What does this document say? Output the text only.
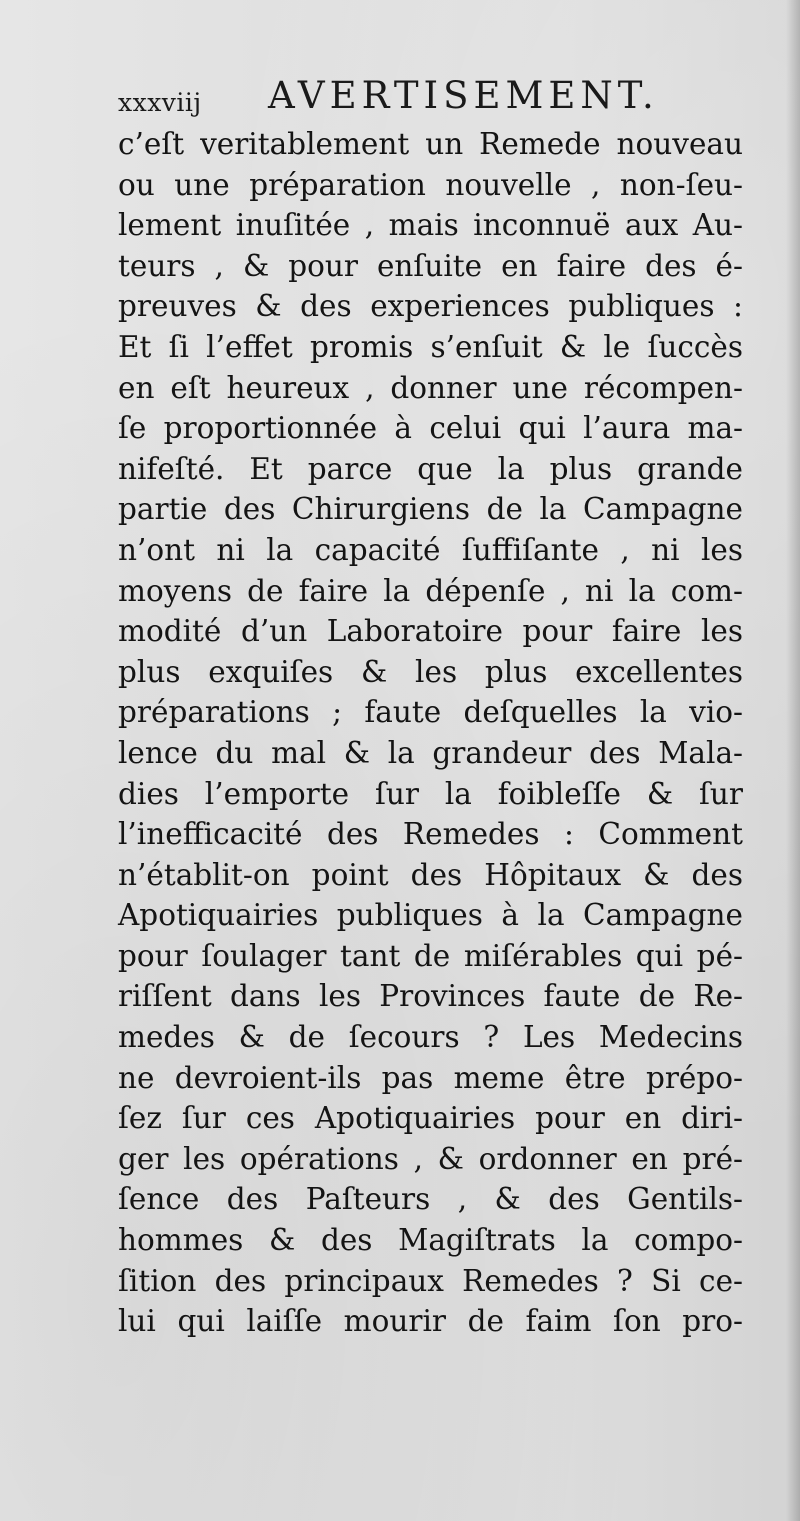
xxxviij AVERTISEMENT.
c’eſt veritablement un Remede nouveau
ou une préparation nouvelle , non-ſeu-
lement inuſitée , mais inconnuë aux Au-
teurs , & pour enſuite en faire des é-
preuves & des experiences publiques :
Et ſi l’effet promis s’enſuit & le ſuccès
en eſt heureux , donner une récompen-
ſe proportionnée à celui qui l’aura ma-
nifeſté. Et parce que la plus grande
partie des Chirurgiens de la Campagne
n’ont ni la capacité ſuffiſante , ni les
moyens de faire la dépenſe , ni la com-
modité d’un Laboratoire pour faire les
plus exquiſes & les plus excellentes
préparations ; faute deſquelles la vio-
lence du mal & la grandeur des Mala-
dies l’emporte ſur la foibleſſe & ſur
l’inefficacité des Remedes : Comment
n’établit-on point des Hôpitaux & des
Apotiquairies publiques à la Campagne
pour ſoulager tant de miſérables qui pé-
riſſent dans les Provinces faute de Re-
medes & de ſecours ? Les Medecins
ne devroient-ils pas meme être prépo-
ſez ſur ces Apotiquairies pour en diri-
ger les opérations , & ordonner en pré-
ſence des Paſteurs , & des Gentils-
hommes & des Magiſtrats la compo-
ſition des principaux Remedes ? Si ce-
lui qui laiſſe mourir de faim ſon pro-
